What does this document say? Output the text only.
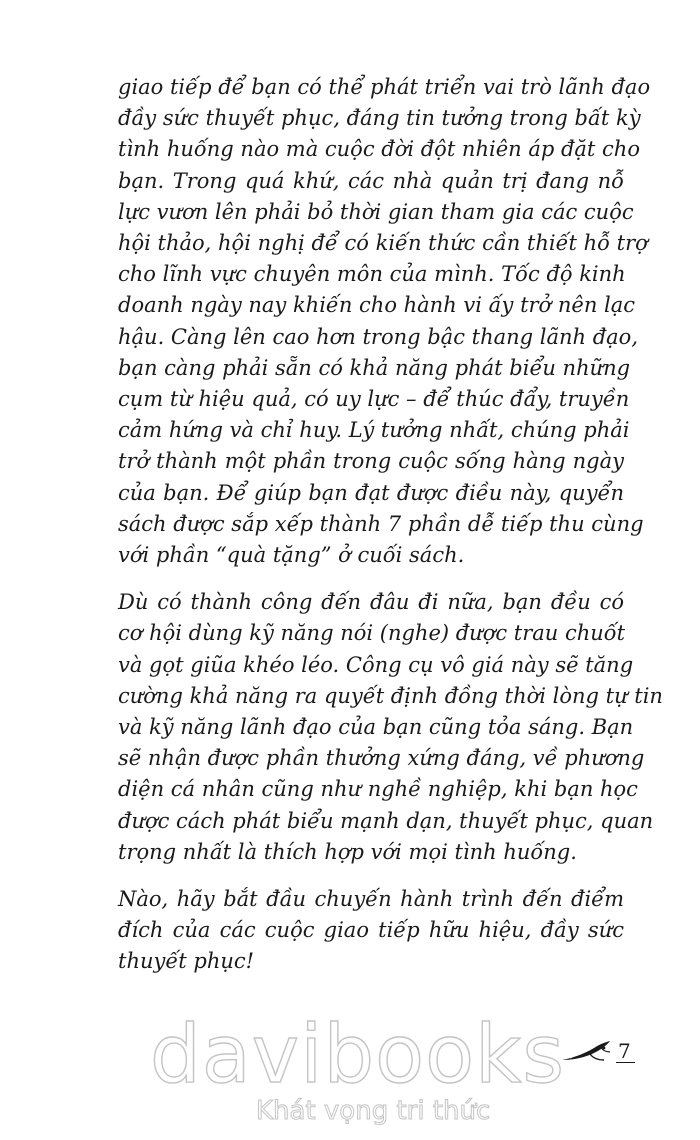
giao tiếp để bạn có thể phát triển vai trò lãnh đạo
đầy sức thuyết phục, đáng tin tưởng trong bất kỳ
tình huống nào mà cuộc đời đột nhiên áp đặt cho
bạn. Trong quá khứ, các nhà quản trị đang nỗ
lực vươn lên phải bỏ thời gian tham gia các cuộc
hội thảo, hội nghị để có kiến thức cần thiết hỗ trợ
cho lĩnh vực chuyên môn của mình. Tốc độ kinh
doanh ngày nay khiến cho hành vi ấy trở nên lạc
hậu. Càng lên cao hơn trong bậc thang lãnh đạo,
bạn càng phải sẵn có khả năng phát biểu những
cụm từ hiệu quả, có uy lực – để thúc đẩy, truyền
cảm hứng và chỉ huy. Lý tưởng nhất, chúng phải
trở thành một phần trong cuộc sống hàng ngày
của bạn. Để giúp bạn đạt được điều này, quyển
sách được sắp xếp thành 7 phần dễ tiếp thu cùng
với phần “quà tặng” ở cuối sách.

Dù có thành công đến đâu đi nữa, bạn đều có
cơ hội dùng kỹ năng nói (nghe) được trau chuốt
và gọt giũa khéo léo. Công cụ vô giá này sẽ tăng
cường khả năng ra quyết định đồng thời lòng tự tin
và kỹ năng lãnh đạo của bạn cũng tỏa sáng. Bạn
sẽ nhận được phần thưởng xứng đáng, về phương
diện cá nhân cũng như nghề nghiệp, khi bạn học
được cách phát biểu mạnh dạn, thuyết phục, quan
trọng nhất là thích hợp với mọi tình huống.

Nào, hãy bắt đầu chuyến hành trình đến điểm
đích của các cuộc giao tiếp hữu hiệu, đầy sức
thuyết phục!

davibooks
Khát vọng tri thức
7
